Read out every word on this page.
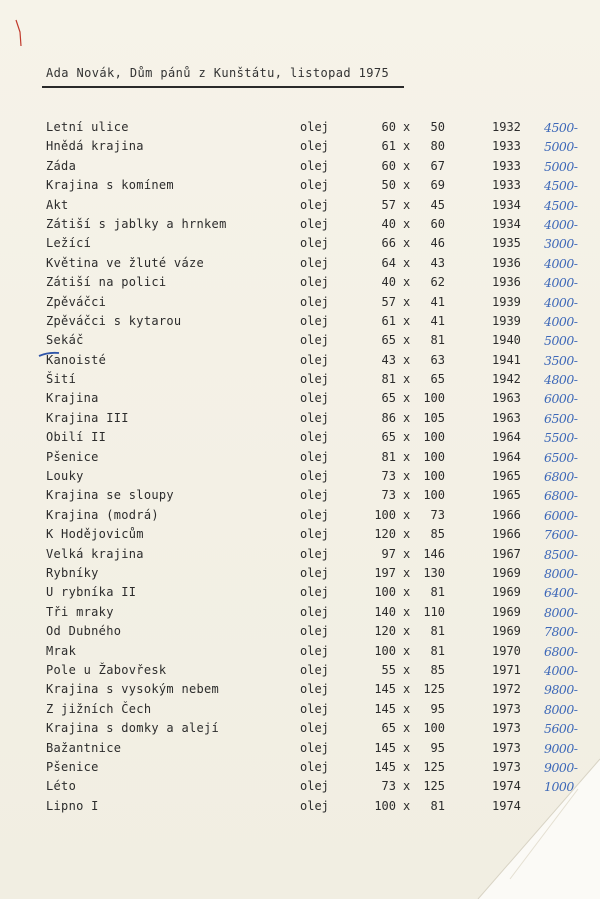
Ada Novák, Dům pánů z Kunštátu, listopad 1975
Letní ulice	olej	60 x	50	1932 4500-
Hnědá krajina	olej	61 x	80	1933 5000-
Záda	olej	60 x	67	1933 5000-
Krajina s komínem	olej	50 x	69	1933 4500-
Akt	olej	57 x	45	1934 4500-
Zátiší s jablky a hrnkem	olej	40 x	60	1934 4000-
Ležící	olej	66 x	46	1935 3000-
Květina ve žluté váze	olej	64 x	43	1936 4000-
Zátiší na polici	olej	40 x	62	1936 4000-
Zpěváčci	olej	57 x	41	1939 4000-
Zpěváčci s kytarou	olej	61 x	41	1939 4000-
Sekáč	olej	65 x	81	1940 5000-
Kanoisté	olej	43 x	63	1941 3500-
Šití	olej	81 x	65	1942 4800-
Krajina	olej	65 x	100	1963 6000-
Krajina III	olej	86 x	105	1963 6500-
Obilí II	olej	65 x	100	1964 5500-
Pšenice	olej	81 x	100	1964 6500-
Louky	olej	73 x	100	1965 6800-
Krajina se sloupy	olej	73 x	100	1965 6800-
Krajina (modrá)	olej	100 x	73	1966 6000-
K Hodějovicům	olej	120 x	85	1966 7600-
Velká krajina	olej	97 x	146	1967 8500-
Rybníky	olej	197 x	130	1969 8000-
U rybníka II	olej	100 x	81	1969 6400-
Tři mraky	olej	140 x	110	1969 8000-
Od Dubného	olej	120 x	81	1969 7800-
Mrak	olej	100 x	81	1970 6800-
Pole u Žabovřesk	olej	55 x	85	1971 4000-
Krajina s vysokým nebem	olej	145 x	125	1972 9800-
Z jižních Čech	olej	145 x	95	1973 8000-
Krajina s domky a alejí	olej	65 x	100	1973 5600-
Bažantnice	olej	145 x	95	1973 9000-
Pšenice	olej	145 x	125	1973 9000-
Léto	olej	73 x	125	1974 1000
Lipno I	olej	100 x	81	1974
